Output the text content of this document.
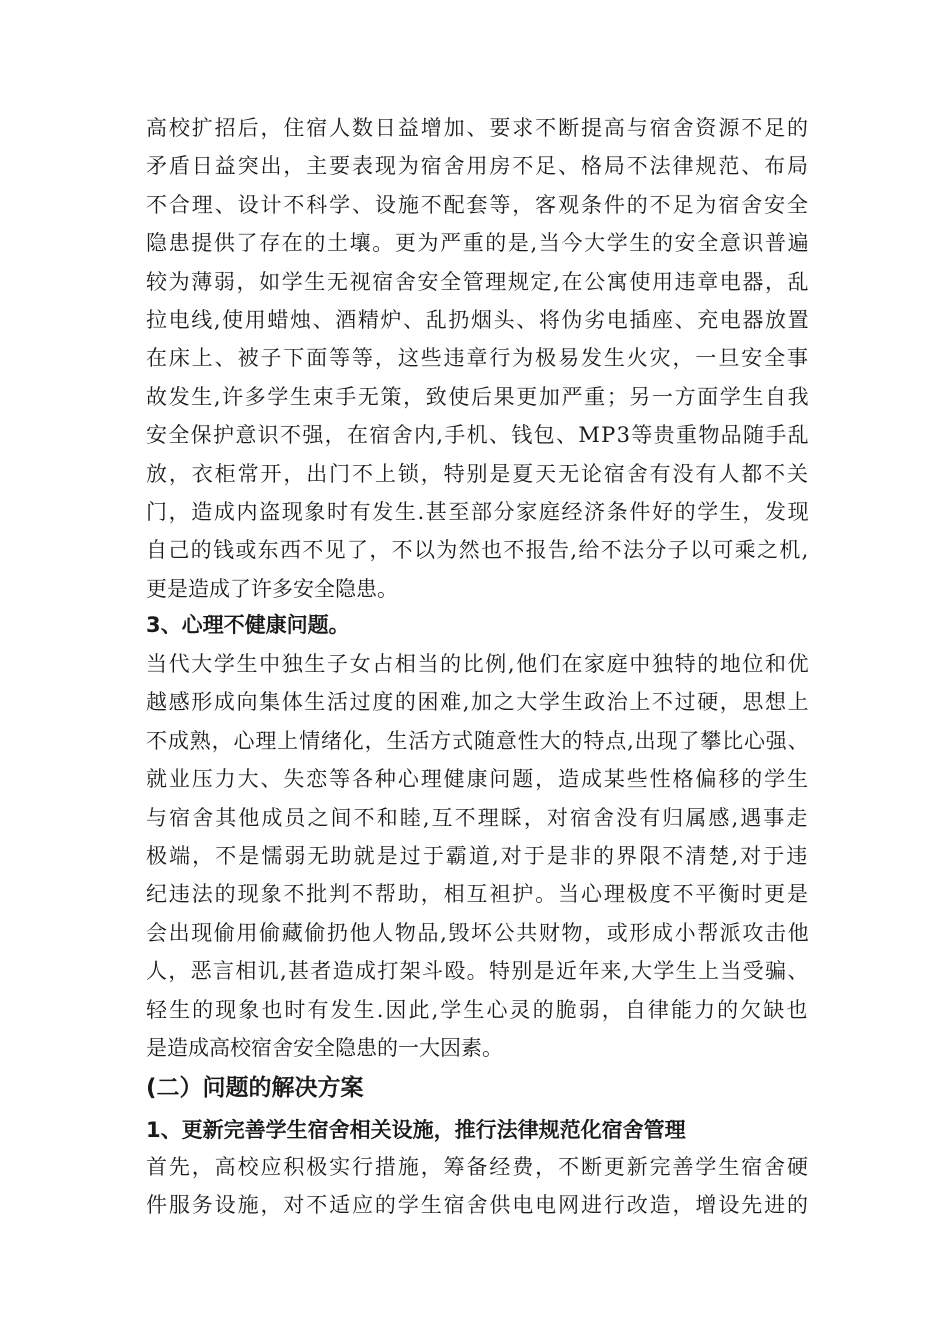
高校扩招后，住宿人数日益增加、要求不断提高与宿舍资源不足的
矛盾日益突出，主要表现为宿舍用房不足、格局不法律规范、布局
不合理、设计不科学、设施不配套等，客观条件的不足为宿舍安全
隐患提供了存在的土壤。更为严重的是,当今大学生的安全意识普遍
较为薄弱，如学生无视宿舍安全管理规定,在公寓使用违章电器，乱
拉电线,使用蜡烛、酒精炉、乱扔烟头、将伪劣电插座、充电器放置
在床上、被子下面等等，这些违章行为极易发生火灾，一旦安全事
故发生,许多学生束手无策，致使后果更加严重；另一方面学生自我
安全保护意识不强，在宿舍内,手机、钱包、MP3等贵重物品随手乱
放，衣柜常开，出门不上锁，特别是夏天无论宿舍有没有人都不关
门，造成内盗现象时有发生.甚至部分家庭经济条件好的学生，发现
自己的钱或东西不见了，不以为然也不报告,给不法分子以可乘之机,
更是造成了许多安全隐患。
3、心理不健康问题。
当代大学生中独生子女占相当的比例,他们在家庭中独特的地位和优
越感形成向集体生活过度的困难,加之大学生政治上不过硬，思想上
不成熟，心理上情绪化，生活方式随意性大的特点,出现了攀比心强、
就业压力大、失恋等各种心理健康问题，造成某些性格偏移的学生
与宿舍其他成员之间不和睦,互不理睬，对宿舍没有归属感,遇事走
极端，不是懦弱无助就是过于霸道,对于是非的界限不清楚,对于违
纪违法的现象不批判不帮助，相互袒护。当心理极度不平衡时更是
会出现偷用偷藏偷扔他人物品,毁坏公共财物，或形成小帮派攻击他
人，恶言相讥,甚者造成打架斗殴。特别是近年来,大学生上当受骗、
轻生的现象也时有发生.因此,学生心灵的脆弱，自律能力的欠缺也
是造成高校宿舍安全隐患的一大因素。
(二）问题的解决方案
1、更新完善学生宿舍相关设施，推行法律规范化宿舍管理
首先，高校应积极实行措施，筹备经费，不断更新完善学生宿舍硬
件服务设施，对不适应的学生宿舍供电电网进行改造，增设先进的
